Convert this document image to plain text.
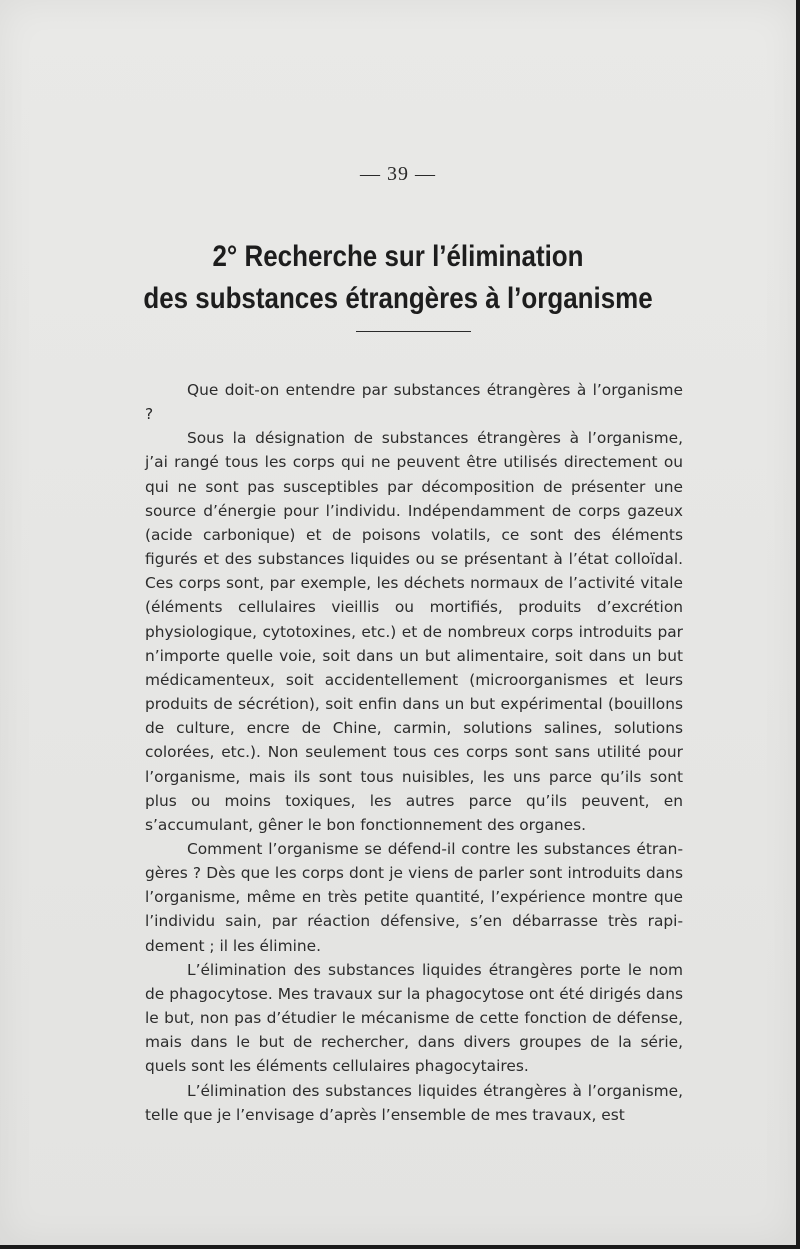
— 39 —
2° Recherche sur l’élimination
des substances étrangères à l’organisme

Que doit-on entendre par substances étrangères à l’organisme ?

Sous la désignation de substances étrangères à l’organisme, j’ai rangé tous les corps qui ne peuvent être utilisés directement ou qui ne sont pas susceptibles par décomposition de présenter une source d’énergie pour l’individu. Indépendamment de corps gazeux (acide carbonique) et de poisons volatils, ce sont des éléments figurés et des substances liquides ou se présentant à l’état colloïdal. Ces corps sont, par exemple, les déchets normaux de l’activité vitale (éléments cellulaires vieillis ou mortifiés, produits d’excrétion physiologique, cytotoxines, etc.) et de nombreux corps introduits par n’importe quelle voie, soit dans un but alimentaire, soit dans un but médicamenteux, soit accidentellement (microorganismes et leurs produits de sécrétion), soit enfin dans un but expérimental (bouillons de culture, encre de Chine, carmin, solutions salines, solutions colorées, etc.). Non seulement tous ces corps sont sans utilité pour l’organisme, mais ils sont tous nuisibles, les uns parce qu’ils sont plus ou moins toxiques, les autres parce qu’ils peuvent, en s’accumulant, gêner le bon fonctionnement des organes.

Comment l’organisme se défend-il contre les substances étrangères ? Dès que les corps dont je viens de parler sont introduits dans l’organisme, même en très petite quantité, l’expérience montre que l’individu sain, par réaction défensive, s’en débarrasse très rapidement ; il les élimine.

L’élimination des substances liquides étrangères porte le nom de phagocytose. Mes travaux sur la phagocytose ont été dirigés dans le but, non pas d’étudier le mécanisme de cette fonction de défense, mais dans le but de rechercher, dans divers groupes de la série, quels sont les éléments cellulaires phagocytaires.

L’élimination des substances liquides étrangères à l’organisme, telle que je l’envisage d’après l’ensemble de mes travaux, est
